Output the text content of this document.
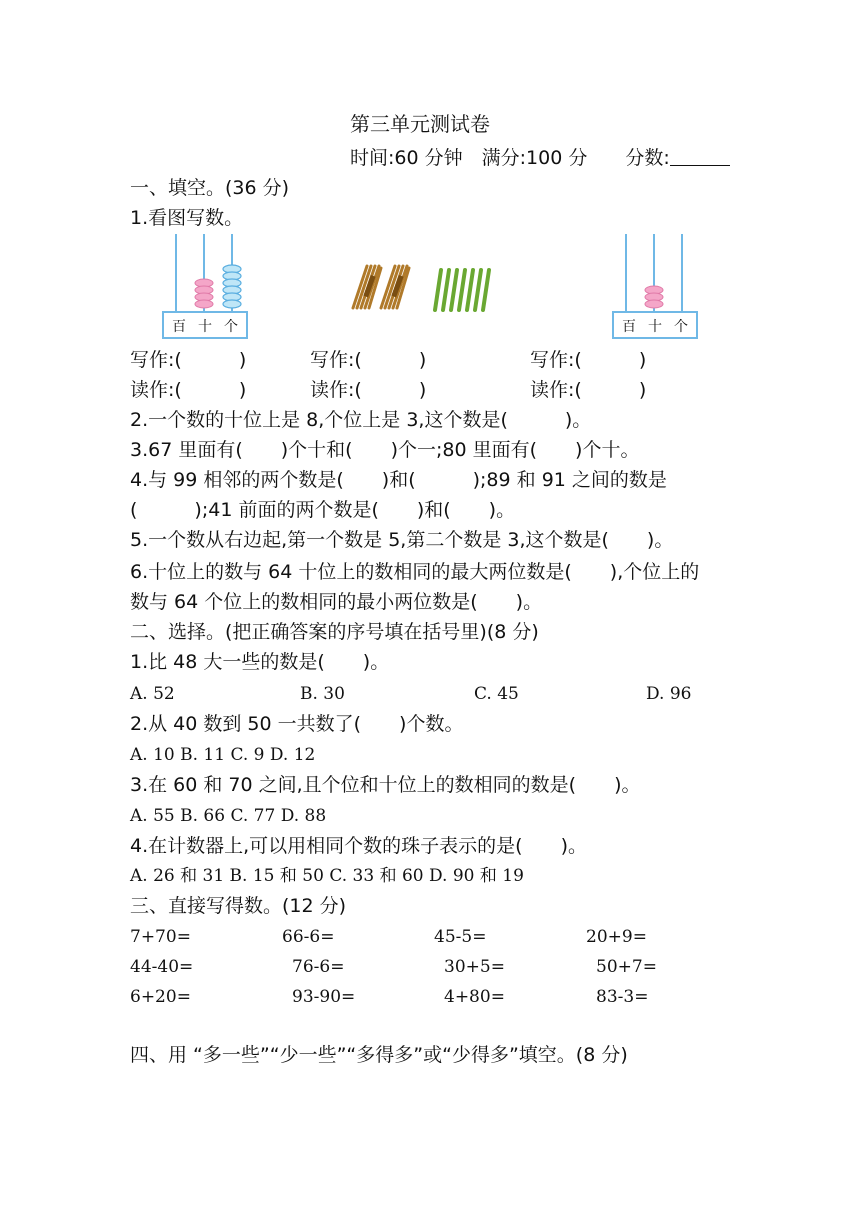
第三单元测试卷
时间:60 分钟　满分:100 分　　分数:
一、填空。(36 分)
1.看图写数。
百 十 个	百 十 个
写作:(　　　)	写作:(　　　)	写作:(　　　)
读作:(　　　)	读作:(　　　)	读作:(　　　)
2.一个数的十位上是 8,个位上是 3,这个数是(　　　)。
3.67 里面有(　　)个十和(　　)个一;80 里面有(　　)个十。
4.与 99 相邻的两个数是(　　)和(　　　);89 和 91 之间的数是
(　　　);41 前面的两个数是(　　)和(　　)。
5.一个数从右边起,第一个数是 5,第二个数是 3,这个数是(　　)。
6.十位上的数与 64 十位上的数相同的最大两位数是(　　),个位上的
数与 64 个位上的数相同的最小两位数是(　　)。
二、选择。(把正确答案的序号填在括号里)(8 分)
1.比 48 大一些的数是(　　)。
A. 52	B. 30	C. 45	D. 96
2.从 40 数到 50 一共数了(　　)个数。
A. 10 B. 11 C. 9 D. 12
3.在 60 和 70 之间,且个位和十位上的数相同的数是(　　)。
A. 55 B. 66 C. 77 D. 88
4.在计数器上,可以用相同个数的珠子表示的是(　　)。
A. 26 和 31 B. 15 和 50 C. 33 和 60 D. 90 和 19
三、直接写得数。(12 分)
7+70=	66-6=	45-5=	20+9=
44-40=	76-6=	30+5=	50+7=
6+20=	93-90=	4+80=	83-3=
四、用 “多一些”“少一些”“多得多”或“少得多”填空。(8 分)
